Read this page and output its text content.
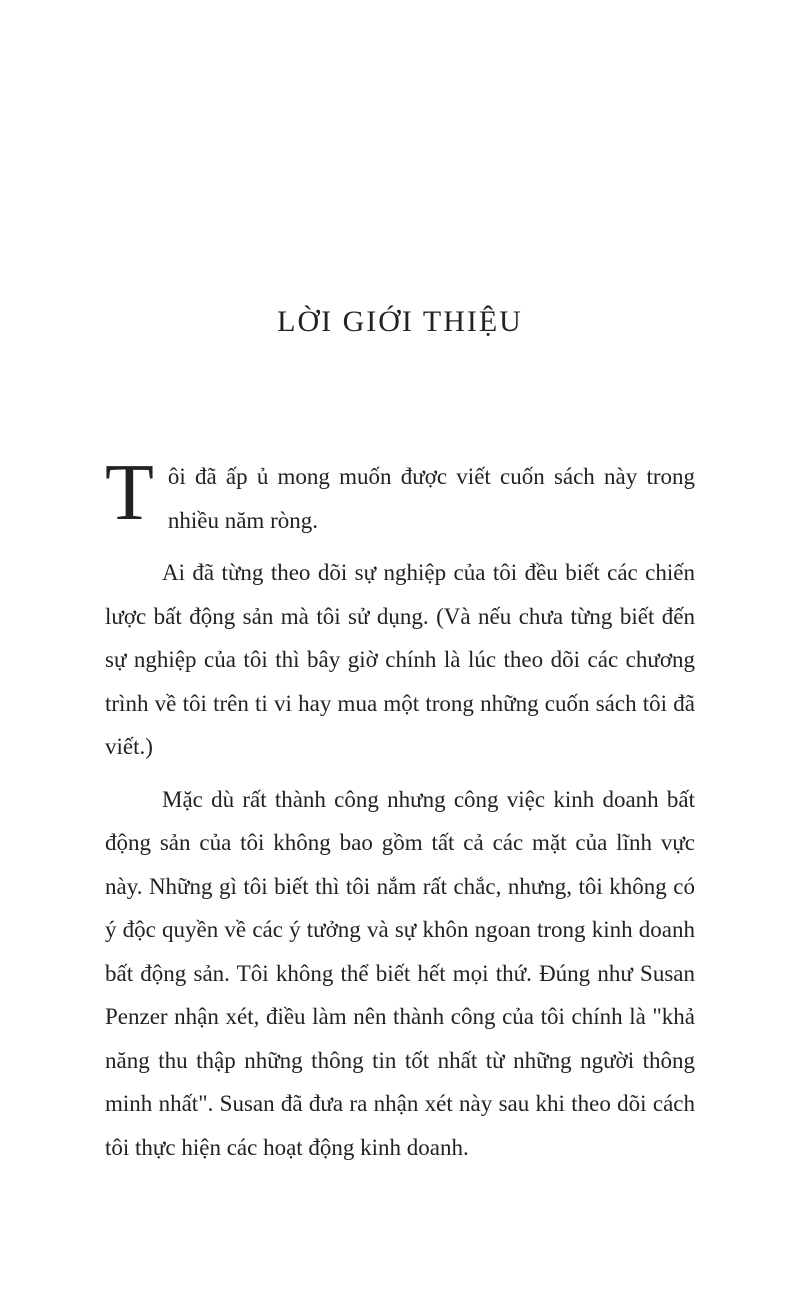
LỜI GIỚI THIỆU

Tôi đã ấp ủ mong muốn được viết cuốn sách này trong nhiều năm ròng.

Ai đã từng theo dõi sự nghiệp của tôi đều biết các chiến lược bất động sản mà tôi sử dụng. (Và nếu chưa từng biết đến sự nghiệp của tôi thì bây giờ chính là lúc theo dõi các chương trình về tôi trên ti vi hay mua một trong những cuốn sách tôi đã viết.)

Mặc dù rất thành công nhưng công việc kinh doanh bất động sản của tôi không bao gồm tất cả các mặt của lĩnh vực này. Những gì tôi biết thì tôi nắm rất chắc, nhưng, tôi không có ý độc quyền về các ý tưởng và sự khôn ngoan trong kinh doanh bất động sản. Tôi không thể biết hết mọi thứ. Đúng như Susan Penzer nhận xét, điều làm nên thành công của tôi chính là "khả năng thu thập những thông tin tốt nhất từ những người thông minh nhất". Susan đã đưa ra nhận xét này sau khi theo dõi cách tôi thực hiện các hoạt động kinh doanh.
